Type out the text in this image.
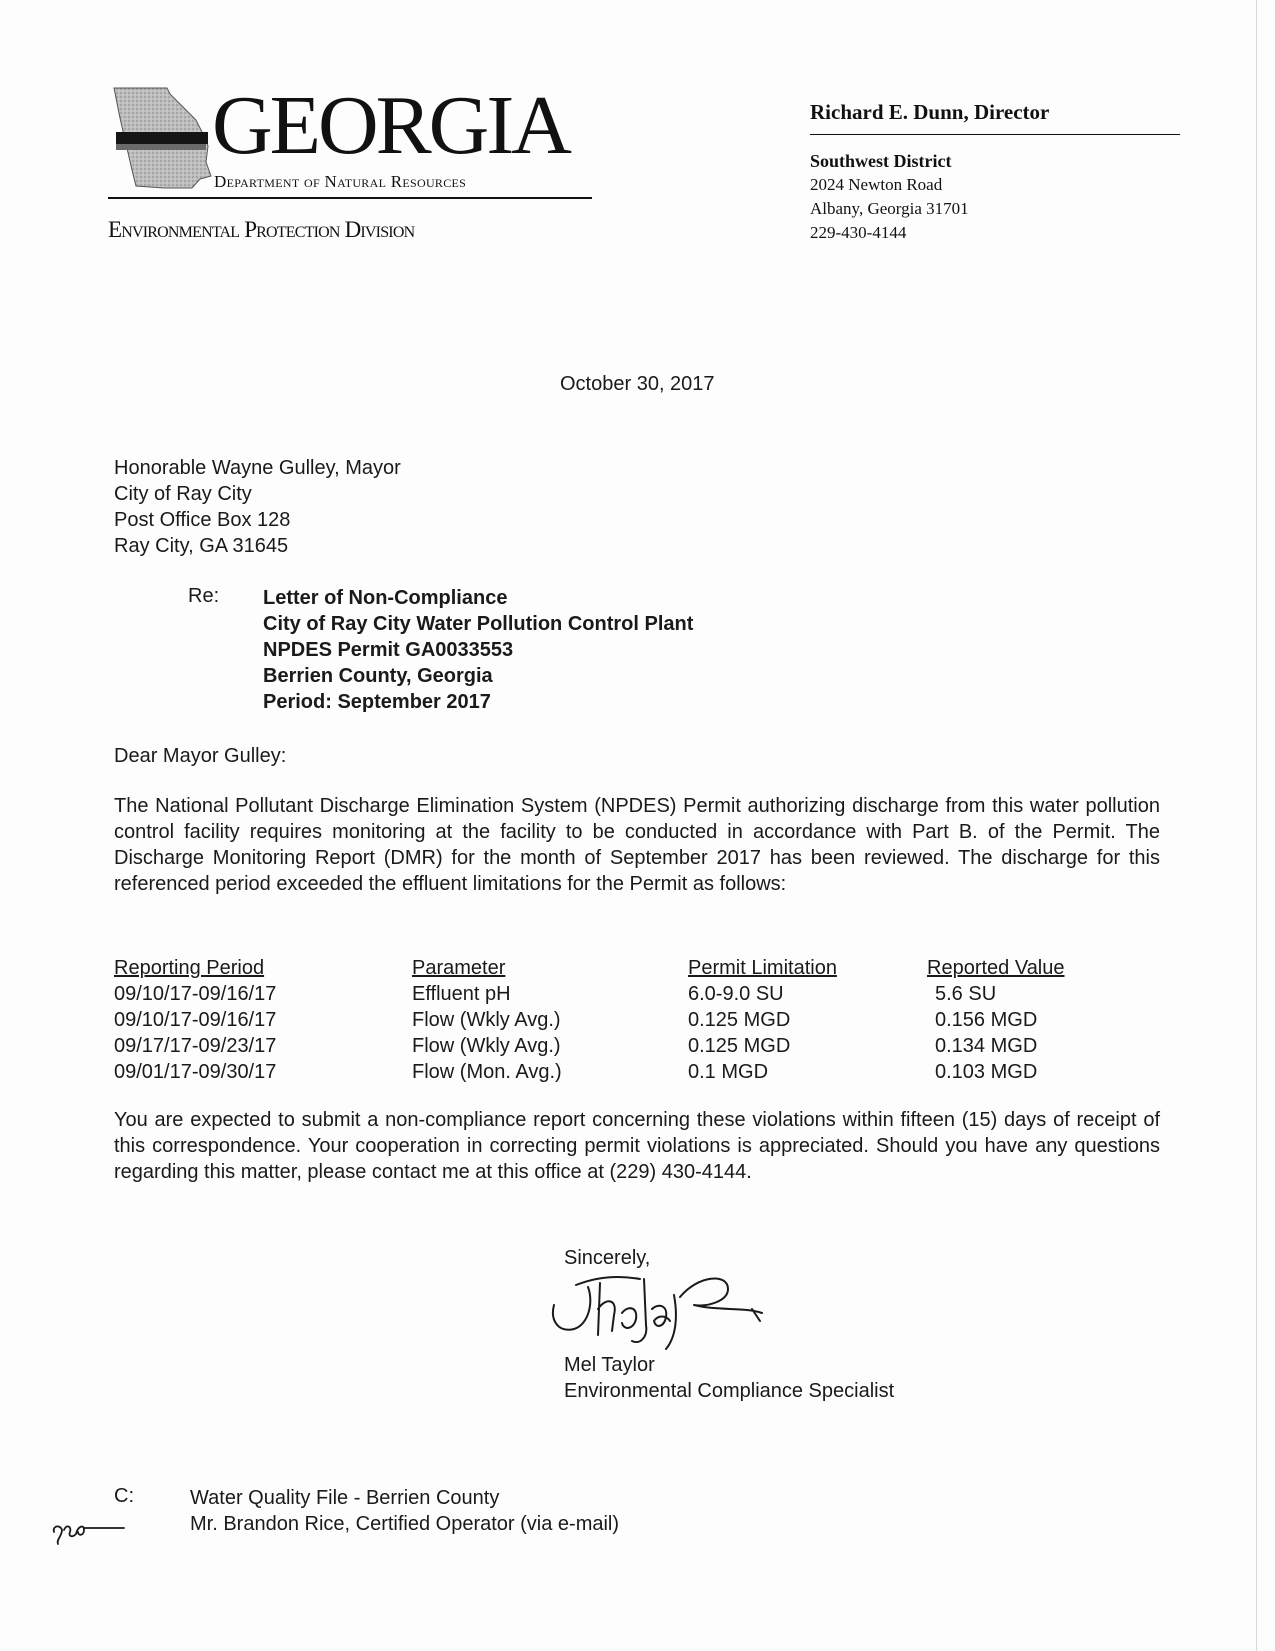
GEORGIA
Department of Natural Resources
Environmental Protection Division
Richard E. Dunn, Director
Southwest District
2024 Newton Road
Albany, Georgia 31701
229-430-4144
October 30, 2017
Honorable Wayne Gulley, Mayor
City of Ray City
Post Office Box 128
Ray City, GA 31645
Re: Letter of Non-Compliance
City of Ray City Water Pollution Control Plant
NPDES Permit GA0033553
Berrien County, Georgia
Period: September 2017
Dear Mayor Gulley:
The National Pollutant Discharge Elimination System (NPDES) Permit authorizing discharge from this water pollution control facility requires monitoring at the facility to be conducted in accordance with Part B. of the Permit. The Discharge Monitoring Report (DMR) for the month of September 2017 has been reviewed. The discharge for this referenced period exceeded the effluent limitations for the Permit as follows:
Reporting Period
09/10/17-09/16/17
09/10/17-09/16/17
09/17/17-09/23/17
09/01/17-09/30/17
Parameter
Effluent pH
Flow (Wkly Avg.)
Flow (Wkly Avg.)
Flow (Mon. Avg.)
Permit Limitation
6.0-9.0 SU
0.125 MGD
0.125 MGD
0.1 MGD
Reported Value
5.6 SU
0.156 MGD
0.134 MGD
0.103 MGD
You are expected to submit a non-compliance report concerning these violations within fifteen (15) days of receipt of this correspondence. Your cooperation in correcting permit violations is appreciated. Should you have any questions regarding this matter, please contact me at this office at (229) 430-4144.
Sincerely,
Mel Taylor
Environmental Compliance Specialist
C:	Water Quality File - Berrien County
Mr. Brandon Rice, Certified Operator (via e-mail)
